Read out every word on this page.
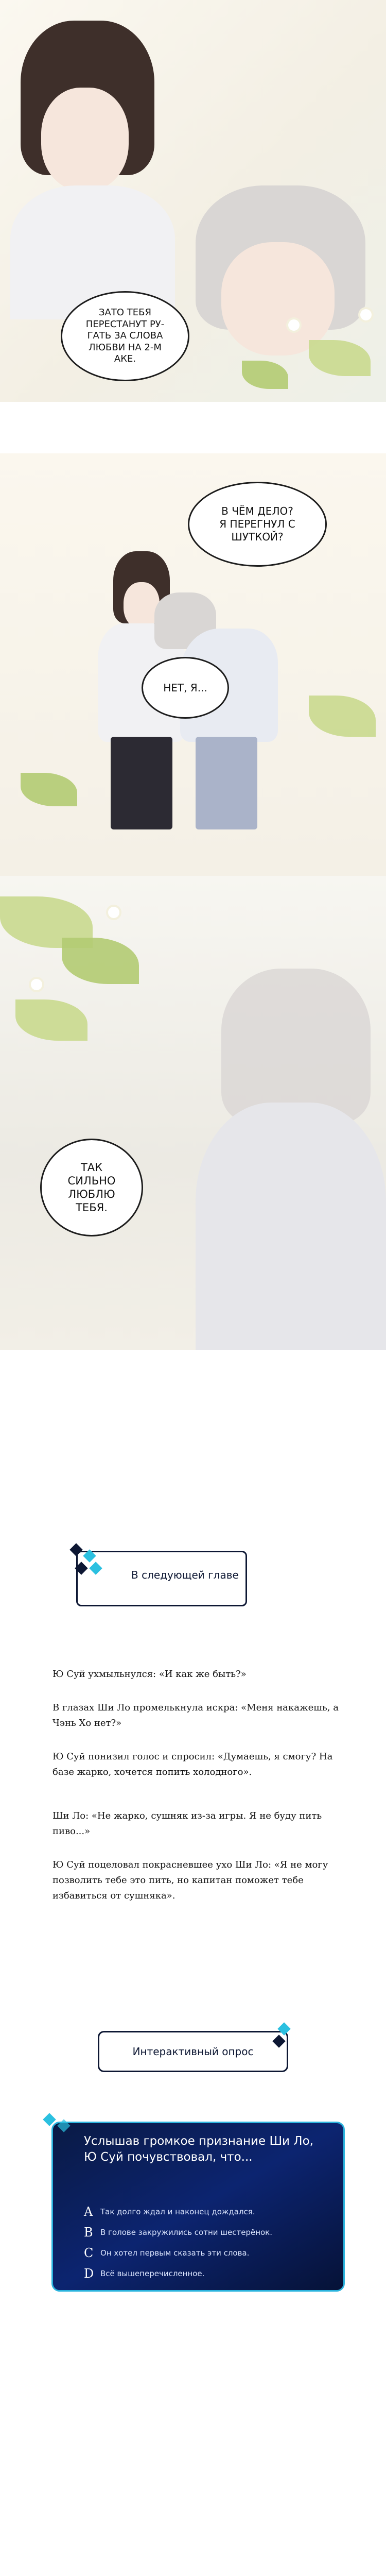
ЗАТО ТЕБЯ
ПЕРЕСТАНУТ РУ-
ГАТЬ ЗА СЛОВА
ЛЮБВИ НА 2-М
АКЕ.
В ЧЁМ ДЕЛО?
Я ПЕРЕГНУЛ С
ШУТКОЙ?
НЕТ, Я...
ТАК
СИЛЬНО
ЛЮБЛЮ
ТЕБЯ.
В следующей главе

Ю Суй ухмыльнулся: «И как же быть?»

В глазах Ши Ло промелькнула искра: «Меня накажешь, а Чэнь Хо нет?»

Ю Суй понизил голос и спросил: «Думаешь, я смогу? На базе жарко, хочется попить холодного».

Ши Ло: «Не жарко, сушняк из-за игры. Я не буду пить пиво...»

Ю Суй поцеловал покрасневшее ухо Ши Ло: «Я не могу позволить тебе это пить, но капитан поможет тебе избавиться от сушняка».

Интерактивный опрос
Услышав громкое признание Ши Ло, Ю Суй почувствовал, что...
A Так долго ждал и наконец дождался.
B В голове закружились сотни шестерёнок.
C Он хотел первым сказать эти слова.
D Всё вышеперечисленное.
